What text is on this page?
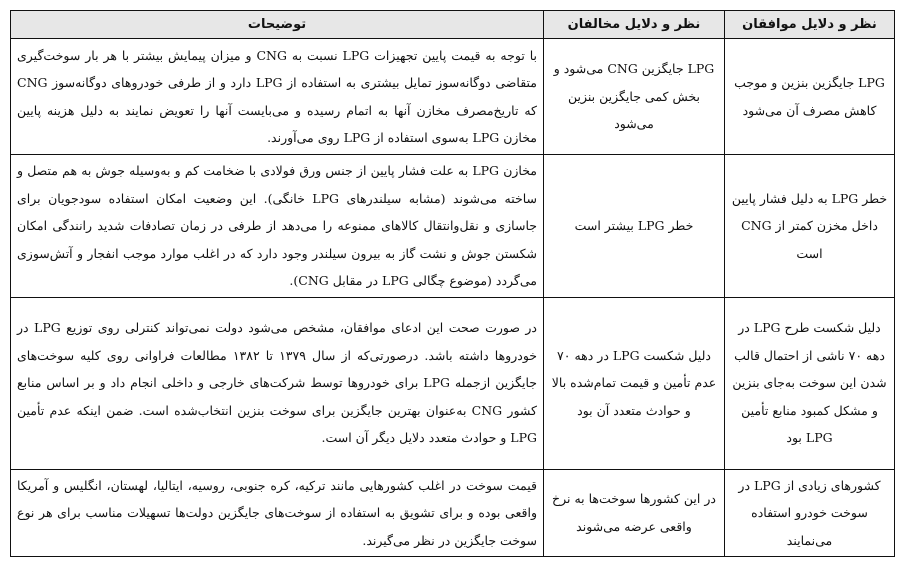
نظر و دلایل موافقان	نظر و دلایل مخالفان	توضیحات
LPG جایگزین بنزین و موجب کاهش مصرف آن می‌شود	LPG جایگزین CNG می‌شود و بخش کمی جایگزین بنزین می‌شود	با توجه به قیمت پایین تجهیزات LPG نسبت به CNG و میزان پیمایش بیشتر با هر بار سوخت‌گیری متقاضی دوگانه‌سوز تمایل بیشتری به استفاده از LPG دارد و از طرفی خودروهای دوگانه‌سوز CNG که تاریخ‌مصرف مخازن آنها به اتمام رسیده و می‌بایست آنها را تعویض نمایند به دلیل هزینه پایین مخازن LPG به‌سوی استفاده از LPG روی می‌آورند.
خطر LPG به دلیل فشار پایین داخل مخزن کمتر از CNG است	خطر LPG بیشتر است	مخازن LPG به علت فشار پایین از جنس ورق فولادی با ضخامت کم و به‌وسیله جوش به هم متصل و ساخته می‌شوند (مشابه سیلندرهای LPG خانگی). این وضعیت امکان استفاده سودجویان برای جاسازی و نقل‌وانتقال کالاهای ممنوعه را می‌دهد از طرفی در زمان تصادفات شدید رانندگی امکان شکستن جوش و نشت گاز به بیرون سیلندر وجود دارد که در اغلب موارد موجب انفجار و آتش‌سوزی می‌گردد (موضوع چگالی LPG در مقابل CNG).
دلیل شکست طرح LPG در دهه ۷۰ ناشی از احتمال قالب شدن این سوخت به‌جای بنزین و مشکل کمبود منابع تأمین LPG بود	دلیل شکست LPG در دهه ۷۰ عدم تأمین و قیمت تمام‌شده بالا و حوادث متعدد آن بود	در صورت صحت این ادعای موافقان، مشخص می‌شود دولت نمی‌تواند کنترلی روی توزیع LPG در خودروها داشته باشد. درصورتی‌که از سال ۱۳۷۹ تا ۱۳۸۲ مطالعات فراوانی روی کلیه سوخت‌های جایگزین ازجمله LPG برای خودروها توسط شرکت‌های خارجی و داخلی انجام داد و بر اساس منابع کشور CNG به‌عنوان بهترین جایگزین برای سوخت بنزین انتخاب‌شده است. ضمن اینکه عدم تأمین LPG و حوادث متعدد دلایل دیگر آن است.
کشورهای زیادی از LPG در سوخت خودرو استفاده می‌نمایند	در این کشورها سوخت‌ها به نرخ واقعی عرضه می‌شوند	قیمت سوخت در اغلب کشورهایی مانند ترکیه، کره جنوبی، روسیه، ایتالیا، لهستان، انگلیس و آمریکا واقعی بوده و برای تشویق به استفاده از سوخت‌های جایگزین دولت‌ها تسهیلات مناسب برای هر نوع سوخت جایگزین در نظر می‌گیرند.
